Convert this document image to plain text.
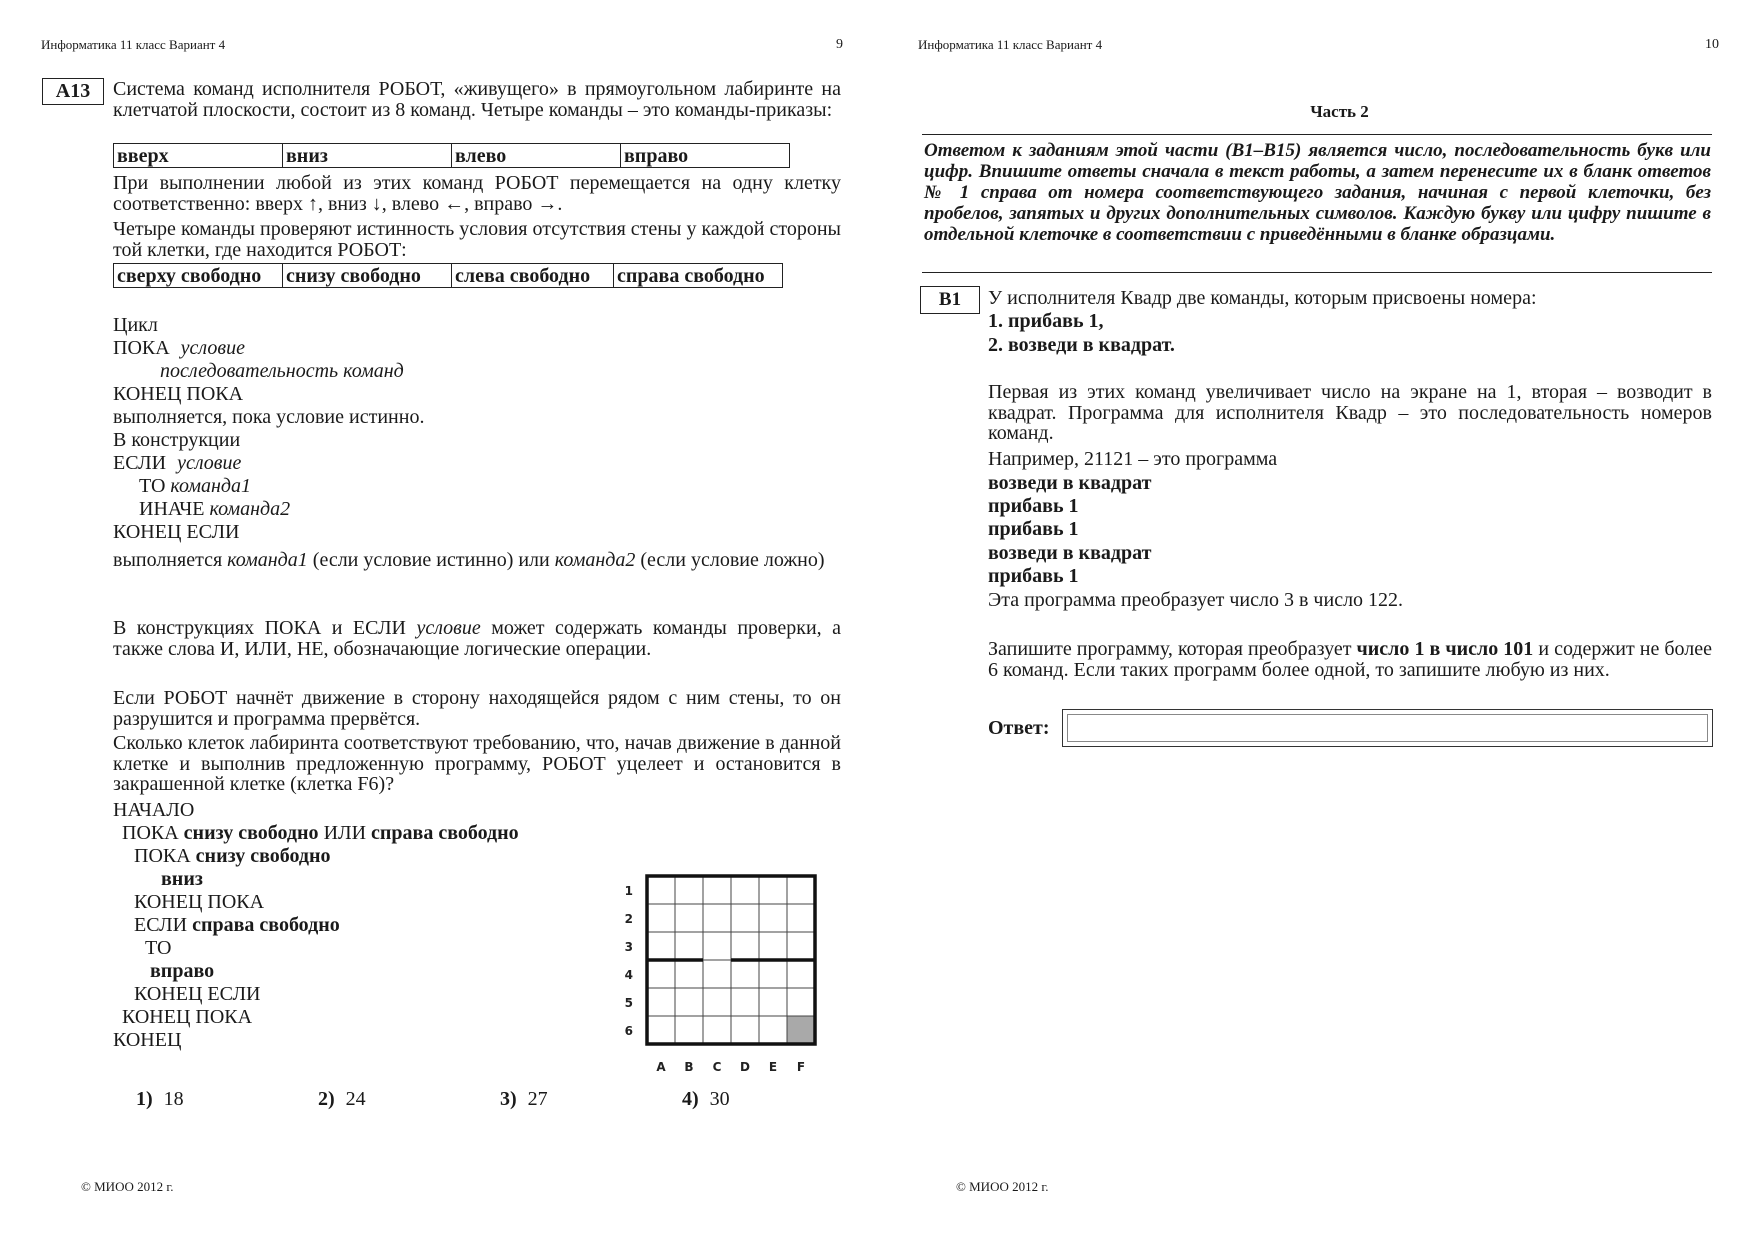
Информатика 11 класс Вариант 4	9
A13	Система команд исполнителя РОБОТ, «живущего» в прямоугольном лабиринте на клетчатой плоскости, состоит из 8 команд. Четыре команды – это команды-приказы:
вверх	вниз	влево	вправо
При выполнении любой из этих команд РОБОТ перемещается на одну клетку соответственно: вверх ↑, вниз ↓, влево ←, вправо →.
Четыре команды проверяют истинность условия отсутствия стены у каждой стороны той клетки, где находится РОБОТ:
сверху свободно	снизу свободно	слева свободно	справа свободно
Цикл
ПОКА условие
последовательность команд
КОНЕЦ ПОКА
выполняется, пока условие истинно.
В конструкции
ЕСЛИ условие
ТО команда1
ИНАЧЕ команда2
КОНЕЦ ЕСЛИ
выполняется команда1 (если условие истинно) или команда2 (если условие ложно)
В конструкциях ПОКА и ЕСЛИ условие может содержать команды проверки, а также слова И, ИЛИ, НЕ, обозначающие логические операции.
Если РОБОТ начнёт движение в сторону находящейся рядом с ним стены, то он разрушится и программа прервётся.
Сколько клеток лабиринта соответствуют требованию, что, начав движение в данной клетке и выполнив предложенную программу, РОБОТ уцелеет и остановится в закрашенной клетке (клетка F6)?
НАЧАЛО
ПОКА снизу свободно ИЛИ справа свободно
ПОКА снизу свободно
вниз
КОНЕЦ ПОКА
ЕСЛИ справа свободно
ТО
вправо
КОНЕЦ ЕСЛИ
КОНЕЦ ПОКА
КОНЕЦ
1
2
3
4
5
6
A B C D E F
1) 18	2) 24	3) 27	4) 30
© МИОО 2012 г.
Информатика 11 класс Вариант 4	10
Часть 2
Ответом к заданиям этой части (B1–B15) является число, последовательность букв или цифр. Впишите ответы сначала в текст работы, а затем перенесите их в бланк ответов № 1 справа от номера соответствующего задания, начиная с первой клеточки, без пробелов, запятых и других дополнительных символов. Каждую букву или цифру пишите в отдельной клеточке в соответствии с приведёнными в бланке образцами.
B1	У исполнителя Квадр две команды, которым присвоены номера:
1. прибавь 1,
2. возведи в квадрат.
Первая из этих команд увеличивает число на экране на 1, вторая – возводит в квадрат. Программа для исполнителя Квадр – это последовательность номеров команд.
Например, 21121 – это программа
возведи в квадрат
прибавь 1
прибавь 1
возведи в квадрат
прибавь 1
Эта программа преобразует число 3 в число 122.
Запишите программу, которая преобразует число 1 в число 101 и содержит не более 6 команд. Если таких программ более одной, то запишите любую из них.
Ответ:
© МИОО 2012 г.
